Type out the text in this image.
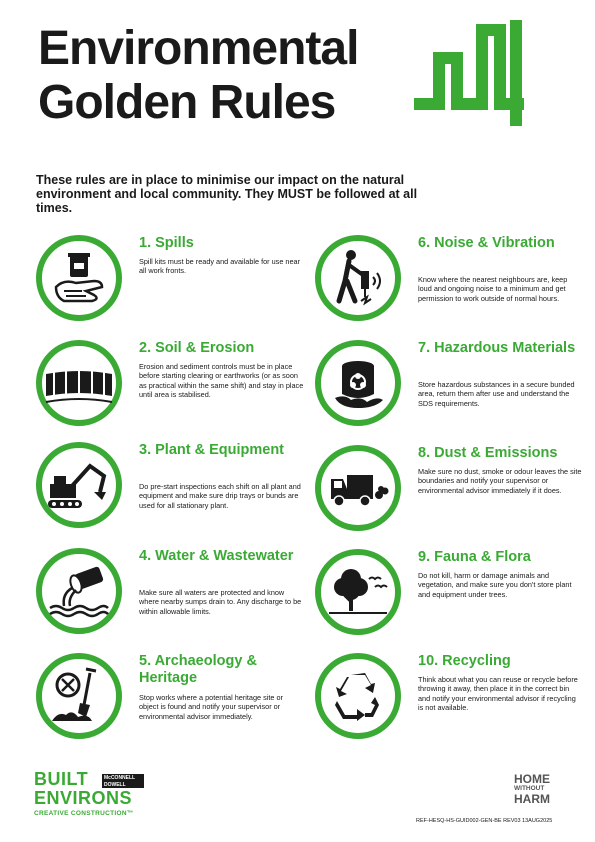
Environmental
Golden Rules
These rules are in place to minimise our impact on the natural environment and local community. They MUST be followed at all times.
1. Spills
Spill kits must be ready and available for use near all work fronts.
2. Soil & Erosion
Erosion and sediment controls must be in place before starting clearing or earthworks (or as soon as practical within the same shift) and stay in place until area is stabilised.
3. Plant & Equipment
Do pre-start inspections each shift on all plant and equipment and make sure drip trays or bunds are used for all stationary plant.
4. Water & Wastewater
Make sure all waters are protected and know where nearby sumps drain to. Any discharge to be within allowable limits.
5. Archaeology & Heritage
Stop works where a potential heritage site or object is found and notify your supervisor or environmental advisor immediately.
6. Noise & Vibration
Know where the nearest neighbours are, keep loud and ongoing noise to a minimum and get permission to work outside of normal hours.
7. Hazardous Materials
Store hazardous substances in a secure bunded area, return them after use and understand the SDS requirements.
8. Dust & Emissions
Make sure no dust, smoke or odour leaves the site boundaries and notify your supervisor or environmental advisor immediately if it does.
9. Fauna & Flora
Do not kill, harm or damage animals and vegetation, and make sure you don't store plant and equipment under trees.
10. Recycling
Think about what you can reuse or recycle before throwing it away, then place it in the correct bin and notify your environmental advisor if recycling is not available.
BUILT
ENVIRONS
CREATIVE CONSTRUCTION™
McCONNELL
DOWELL	HOME
WITHOUT
HARM
REF-HESQ-HS-GUID002-GEN-BE REV03 13AUG2025
